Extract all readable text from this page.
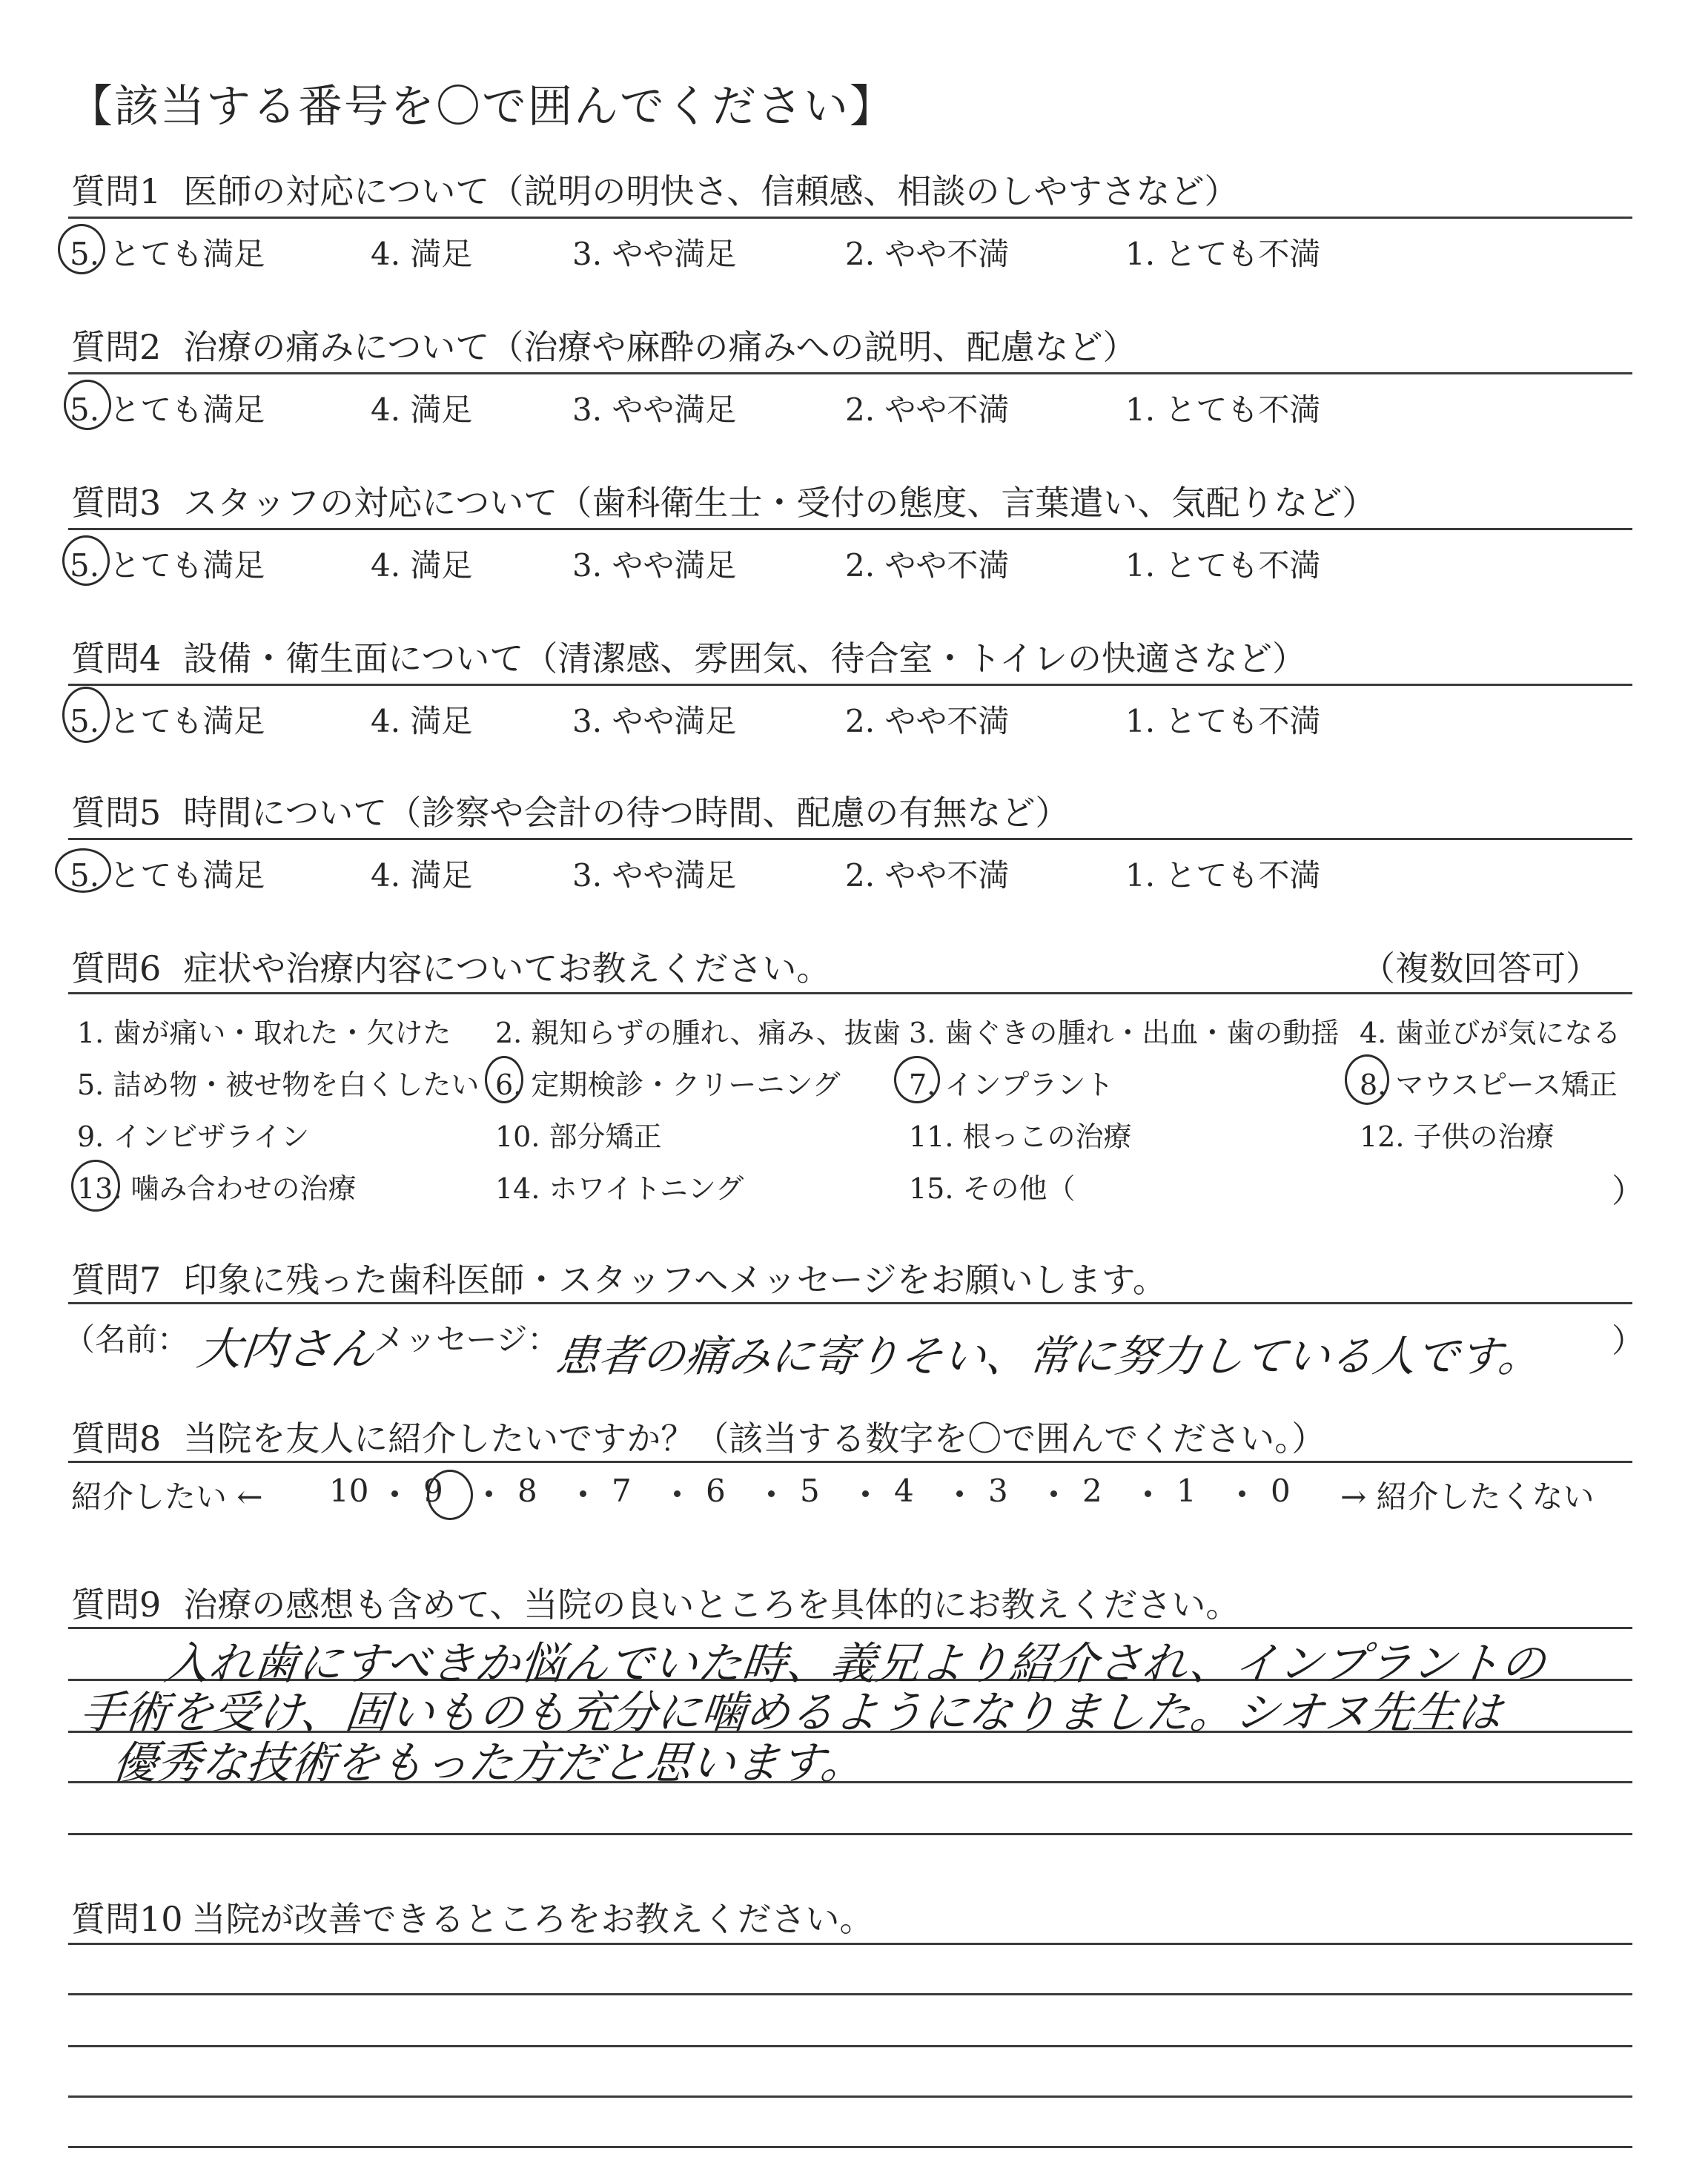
【該当する番号を〇で囲んでください】
質問1 医師の対応について（説明の明快さ、信頼感、相談のしやすさなど）
5. とても満足	4. 満足	3. やや満足	2. やや不満	1. とても不満
質問2 治療の痛みについて（治療や麻酔の痛みへの説明、配慮など）
5. とても満足	4. 満足	3. やや満足	2. やや不満	1. とても不満
質問3 スタッフの対応について（歯科衛生士・受付の態度、言葉遣い、気配りなど）
5. とても満足	4. 満足	3. やや満足	2. やや不満	1. とても不満
質問4 設備・衛生面について（清潔感、雰囲気、待合室・トイレの快適さなど）
5. とても満足	4. 満足	3. やや満足	2. やや不満	1. とても不満
質問5 時間について（診察や会計の待つ時間、配慮の有無など）
5. とても満足	4. 満足	3. やや満足	2. やや不満	1. とても不満
質問6 症状や治療内容についてお教えください。	（複数回答可）
1. 歯が痛い・取れた・欠けた 2. 親知らずの腫れ、痛み、抜歯 3. 歯ぐきの腫れ・出血・歯の動揺 4. 歯並びが気になる
5. 詰め物・被せ物を白くしたい 6. 定期検診・クリーニング 7. インプラント	8. マウスピース矯正
9. インビザライン	10. 部分矯正	11. 根っこの治療	12. 子供の治療
13. 噛み合わせの治療	14. ホワイトニング	15. その他（	）
質問7 印象に残った歯科医師・スタッフへメッセージをお願いします。
（名前： 大内さん
メッセージ：
患者の痛みに寄りそい、常に努力している人です。 ）
質問8 当院を友人に紹介したいですか？（該当する数字を〇で囲んでください。）
紹介したい ←	→ 紹介したくない
10 9 8 7 6 5 4 3 2 1 0
質問9 治療の感想も含めて、当院の良いところを具体的にお教えください。
入れ歯にすべきか悩んでいた時、義兄より紹介され、インプラントの
手術を受け、固いものも充分に噛めるようになりました。シオヌ先生は
優秀な技術をもった方だと思います。
質問10 当院が改善できるところをお教えください。
